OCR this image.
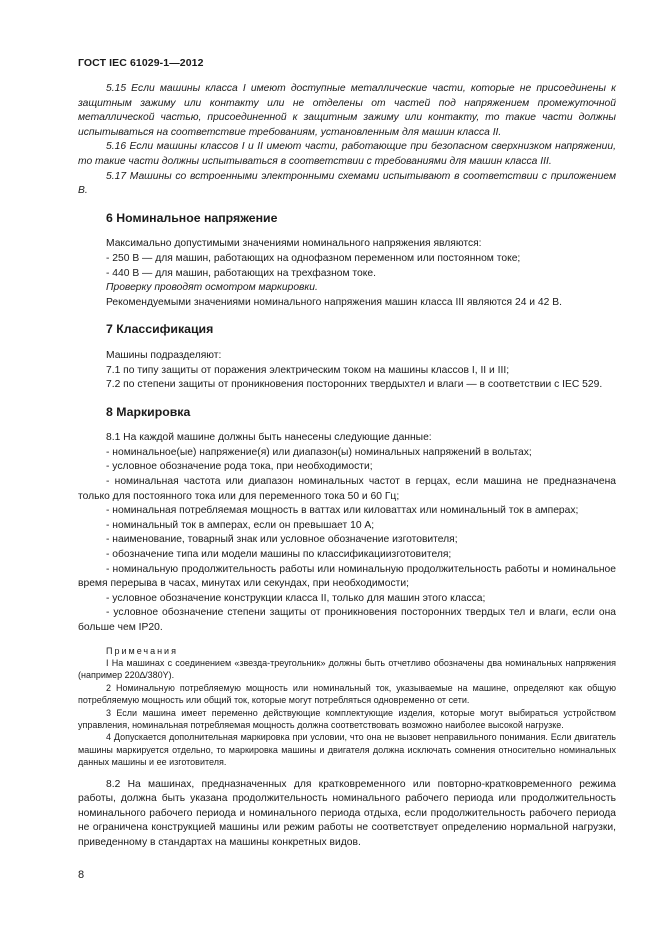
ГОСТ IEC 61029-1—2012

5.15 Если машины класса I имеют доступные металлические части, которые не присоединены к защитным зажиму или контакту или не отделены от частей под напряжением промежуточной металлической частью, присоединенной к защитным зажиму или контакту, то такие части должны испытываться на соответствие требованиям, установленным для машин класса II.

5.16 Если машины классов I и II имеют части, работающие при безопасном сверхнизком напряжении, то такие части должны испытываться в соответствии с требованиями для машин класса III.

5.17 Машины со встроенными электронными схемами испытывают в соответствии с приложением В.

6 Номинальное напряжение

Максимально допустимыми значениями номинального напряжения являются:

- 250 В — для машин, работающих на однофазном переменном или постоянном токе;

- 440 В — для машин, работающих на трехфазном токе.

Проверку проводят осмотром маркировки.

Рекомендуемыми значениями номинального напряжения машин класса III являются 24 и 42 В.

7 Классификация

Машины подразделяют:

7.1 по типу защиты от поражения электрическим током на машины классов I, II и III;

7.2 по степени защиты от проникновения посторонних твердыхтел и влаги — в соответствии с IEC 529.

8 Маркировка

8.1 На каждой машине должны быть нанесены следующие данные:

- номинальное(ые) напряжение(я) или диапазон(ы) номинальных напряжений в вольтах;

- условное обозначение рода тока, при необходимости;

- номинальная частота или диапазон номинальных частот в герцах, если машина не предназначена только для постоянного тока или для переменного тока 50 и 60 Гц;

- номинальная потребляемая мощность в ваттах или киловаттах или номинальный ток в амперах;

- номинальный ток в амперах, если он превышает 10 А;

- наименование, товарный знак или условное обозначение изготовителя;

- обозначение типа или модели машины по классификациизготовителя;

- номинальную продолжительность работы или номинальную продолжительность работы и номинальное время перерыва в часах, минутах или секундах, при необходимости;

- условное обозначение конструкции класса II, только для машин этого класса;

- условное обозначение степени защиты от проникновения посторонних твердых тел и влаги, если она больше чем IP20.

Примечания

I На машинах с соединением «звезда-треугольник» должны быть отчетливо обозначены два номинальных напряжения (например 220∆/380Y).

2 Номинальную потребляемую мощность или номинальный ток, указываемые на машине, определяют как общую потребляемую мощность или общий ток, которые могут потребляться одновременно от сети.

3 Если машина имеет переменно действующие комплектующие изделия, которые могут выбираться устройством управления, номинальная потребляемая мощность должна соответствовать возможно наиболее высокой нагрузке.

4 Допускается дополнительная маркировка при условии, что она не вызовет неправильного понимания. Если двигатель машины маркируется отдельно, то маркировка машины и двигателя должна исключать сомнения относительно номинальных данных машины и ее изготовителя.

8.2 На машинах, предназначенных для кратковременного или повторно-кратковременного режима работы, должна быть указана продолжительность номинального рабочего периода или продолжительность номинального рабочего периода и номинального периода отдыха, если продолжительность рабочего периода не ограничена конструкцией машины или режим работы не соответствует определению нормальной нагрузки, приведенному в стандартах на машины конкретных видов.

8
